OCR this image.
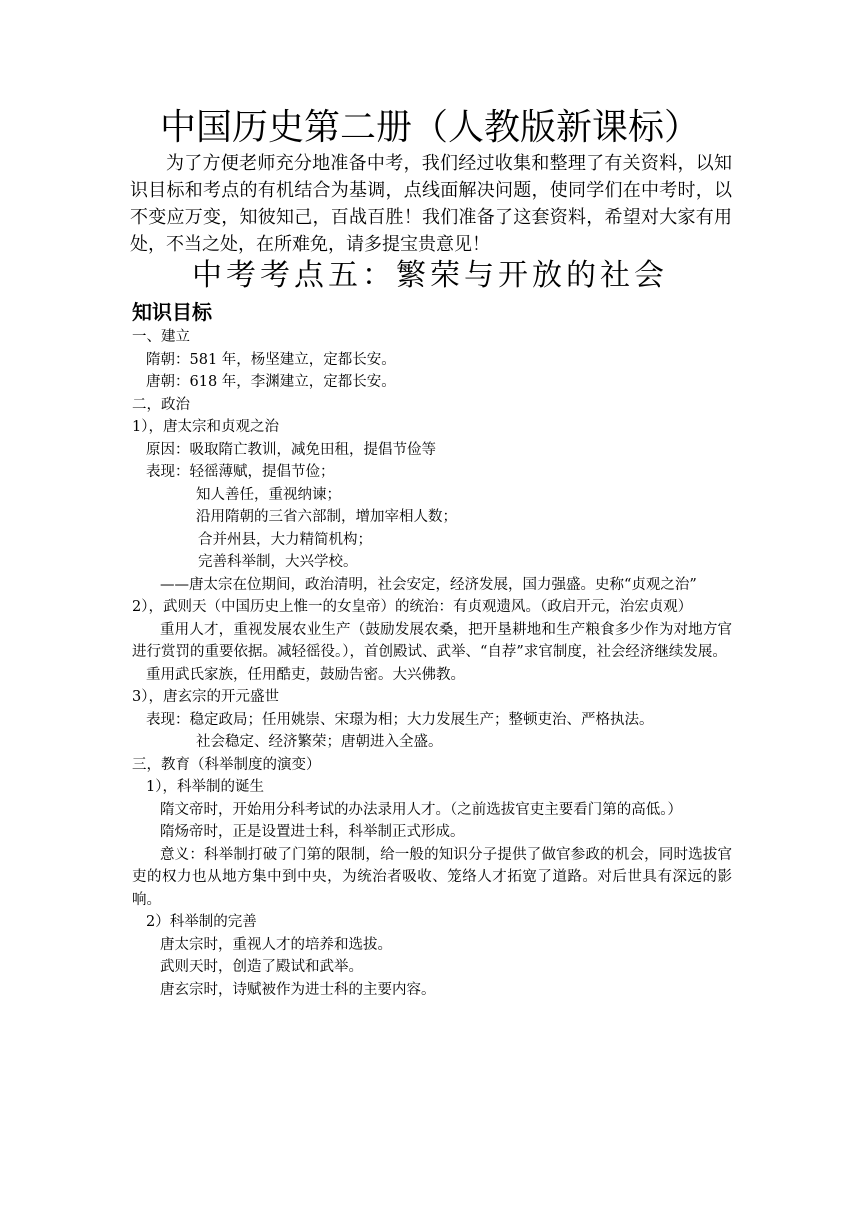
中国历史第二册（人教版新课标）
为了方便老师充分地准备中考，我们经过收集和整理了有关资料，以知识目标和考点的有机结合为基调，点线面解决问题，使同学们在中考时，以不变应万变，知彼知己，百战百胜！我们准备了这套资料，希望对大家有用处，不当之处，在所难免，请多提宝贵意见！
中考考点五：繁荣与开放的社会
知识目标
一、建立
隋朝：581 年，杨坚建立，定都长安。
唐朝：618 年，李渊建立，定都长安。
二，政治
1），唐太宗和贞观之治
原因：吸取隋亡教训，减免田租，提倡节俭等
表现：轻徭薄赋，提倡节俭；
知人善任，重视纳谏；
沿用隋朝的三省六部制，增加宰相人数；
合并州县，大力精简机构；
完善科举制，大兴学校。
——唐太宗在位期间，政治清明，社会安定，经济发展，国力强盛。史称“贞观之治”
2），武则天（中国历史上惟一的女皇帝）的统治：有贞观遗风。（政启开元，治宏贞观）
重用人才，重视发展农业生产（鼓励发展农桑，把开垦耕地和生产粮食多少作为对地方官进行赏罚的重要依据。减轻徭役。），首创殿试、武举、“自荐”求官制度，社会经济继续发展。
重用武氏家族，任用酷吏，鼓励告密。大兴佛教。
3），唐玄宗的开元盛世
表现：稳定政局；任用姚崇、宋璟为相；大力发展生产；整顿吏治、严格执法。
社会稳定、经济繁荣；唐朝进入全盛。
三，教育（科举制度的演变）
1），科举制的诞生
隋文帝时，开始用分科考试的办法录用人才。（之前选拔官吏主要看门第的高低。）
隋炀帝时，正是设置进士科，科举制正式形成。
意义：科举制打破了门第的限制，给一般的知识分子提供了做官参政的机会，同时选拔官吏的权力也从地方集中到中央，为统治者吸收、笼络人才拓宽了道路。对后世具有深远的影响。
2）科举制的完善
唐太宗时，重视人才的培养和选拔。
武则天时，创造了殿试和武举。
唐玄宗时，诗赋被作为进士科的主要内容。
